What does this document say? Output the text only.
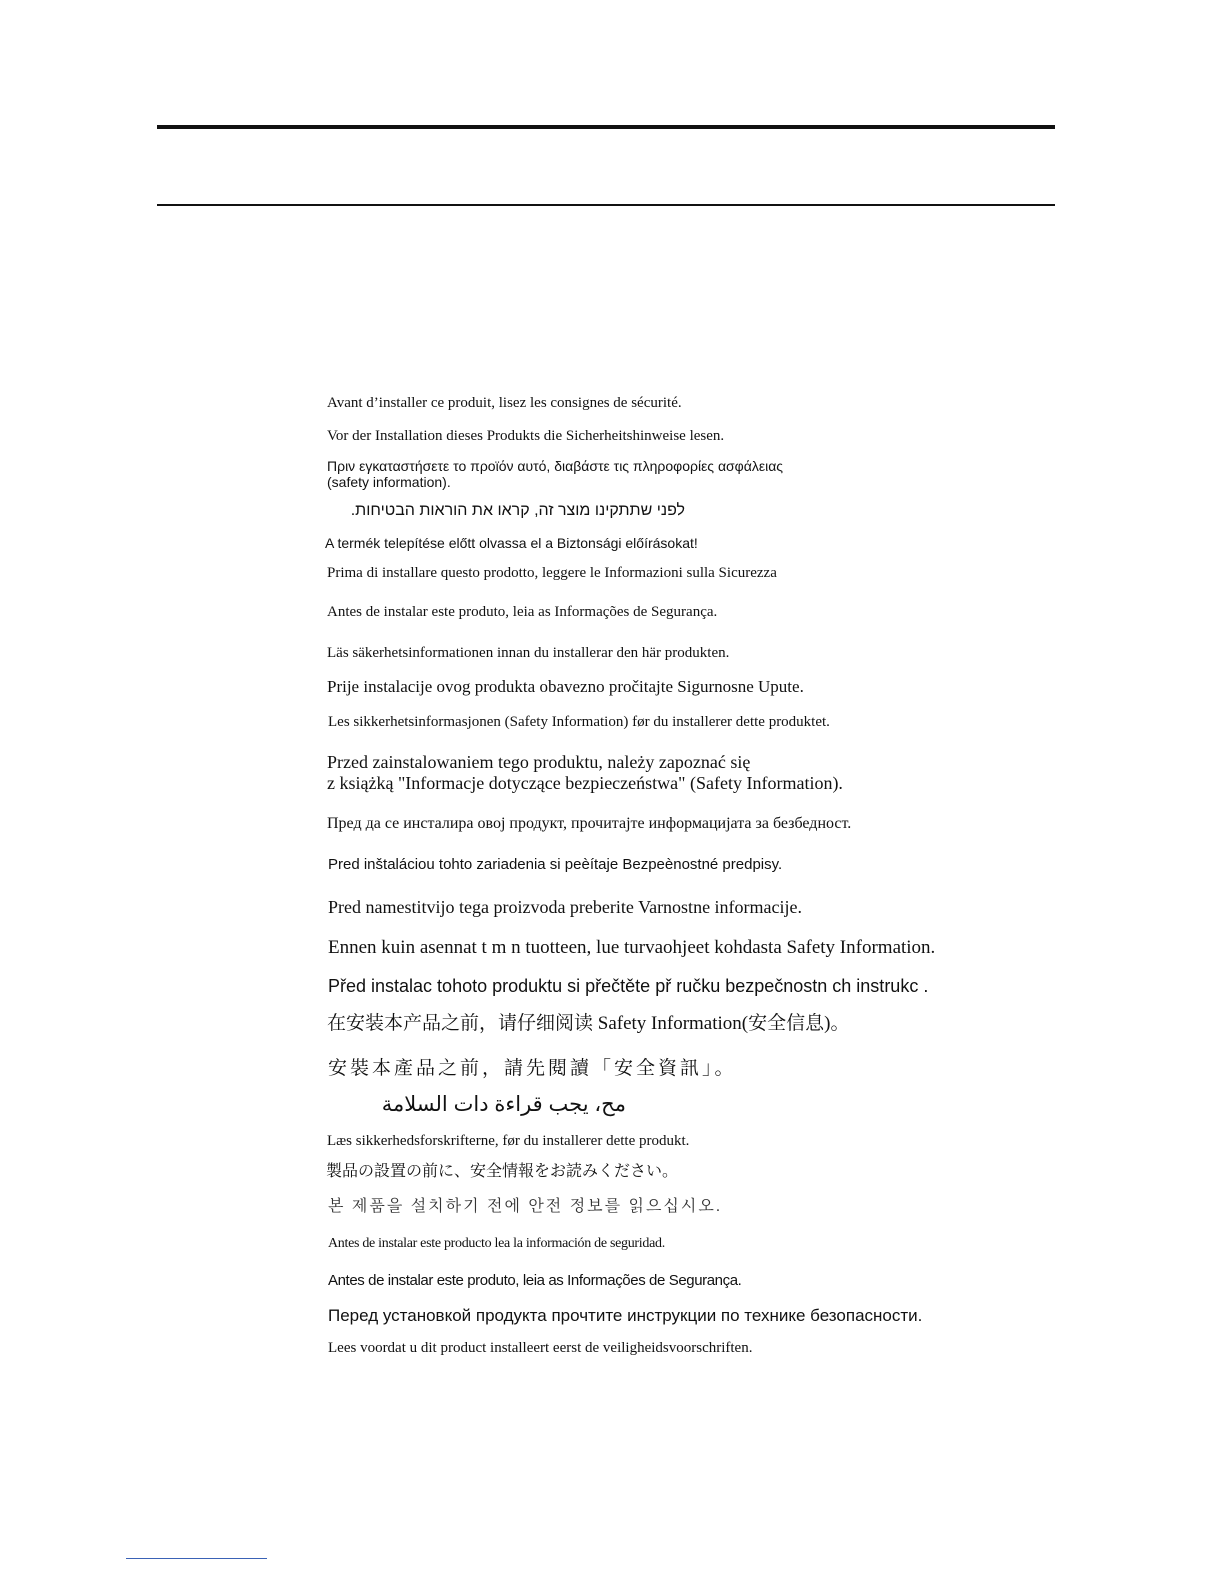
Avant d’installer ce produit, lisez les consignes de sécurité.
Vor der Installation dieses Produkts die Sicherheitshinweise lesen.
Πριν εγκαταστήσετε το προϊόν αυτό, διαβάστε τις πληροφορίες ασφάλειας
(safety information).
לפני שתתקינו מוצר זה, קראו את הוראות הבטיחות.
A termék telepítése előtt olvassa el a Biztonsági előírásokat!
Prima di installare questo prodotto, leggere le Informazioni sulla Sicurezza
Antes de instalar este produto, leia as Informações de Segurança.
Läs säkerhetsinformationen innan du installerar den här produkten.
Prije instalacije ovog produkta obavezno pročitajte Sigurnosne Upute.
Les sikkerhetsinformasjonen (Safety Information) før du installerer dette produktet.
Przed zainstalowaniem tego produktu, należy zapoznać się
z książką "Informacje dotyczące bezpieczeństwa" (Safety Information).
Пред да се инсталира овој продукт, прочитајте информацијата за безбедност.
Pred inštaláciou tohto zariadenia si peèítaje Bezpeènostné predpisy.
Pred namestitvijo tega proizvoda preberite Varnostne informacije.
Ennen kuin asennat t m n tuotteen, lue turvaohjeet kohdasta Safety Information.
Před instalac tohoto produktu si přečtěte př ručku bezpečnostn ch instrukc .
在安装本产品之前，请仔细阅读 Safety Information(安全信息)。
安裝本產品之前，請先閱讀「安全資訊」。
مح، يجب قراءة دات السلامة
Læs sikkerhedsforskrifterne, før du installerer dette produkt.
製品の設置の前に、安全情報をお読みください。
본 제품을 설치하기 전에 안전 정보를 읽으십시오.
Antes de instalar este producto lea la información de seguridad.
Antes de instalar este produto, leia as Informações de Segurança.
Перед установкой продукта прочтите инструкции по технике безопасности.
Lees voordat u dit product installeert eerst de veiligheidsvoorschriften.
